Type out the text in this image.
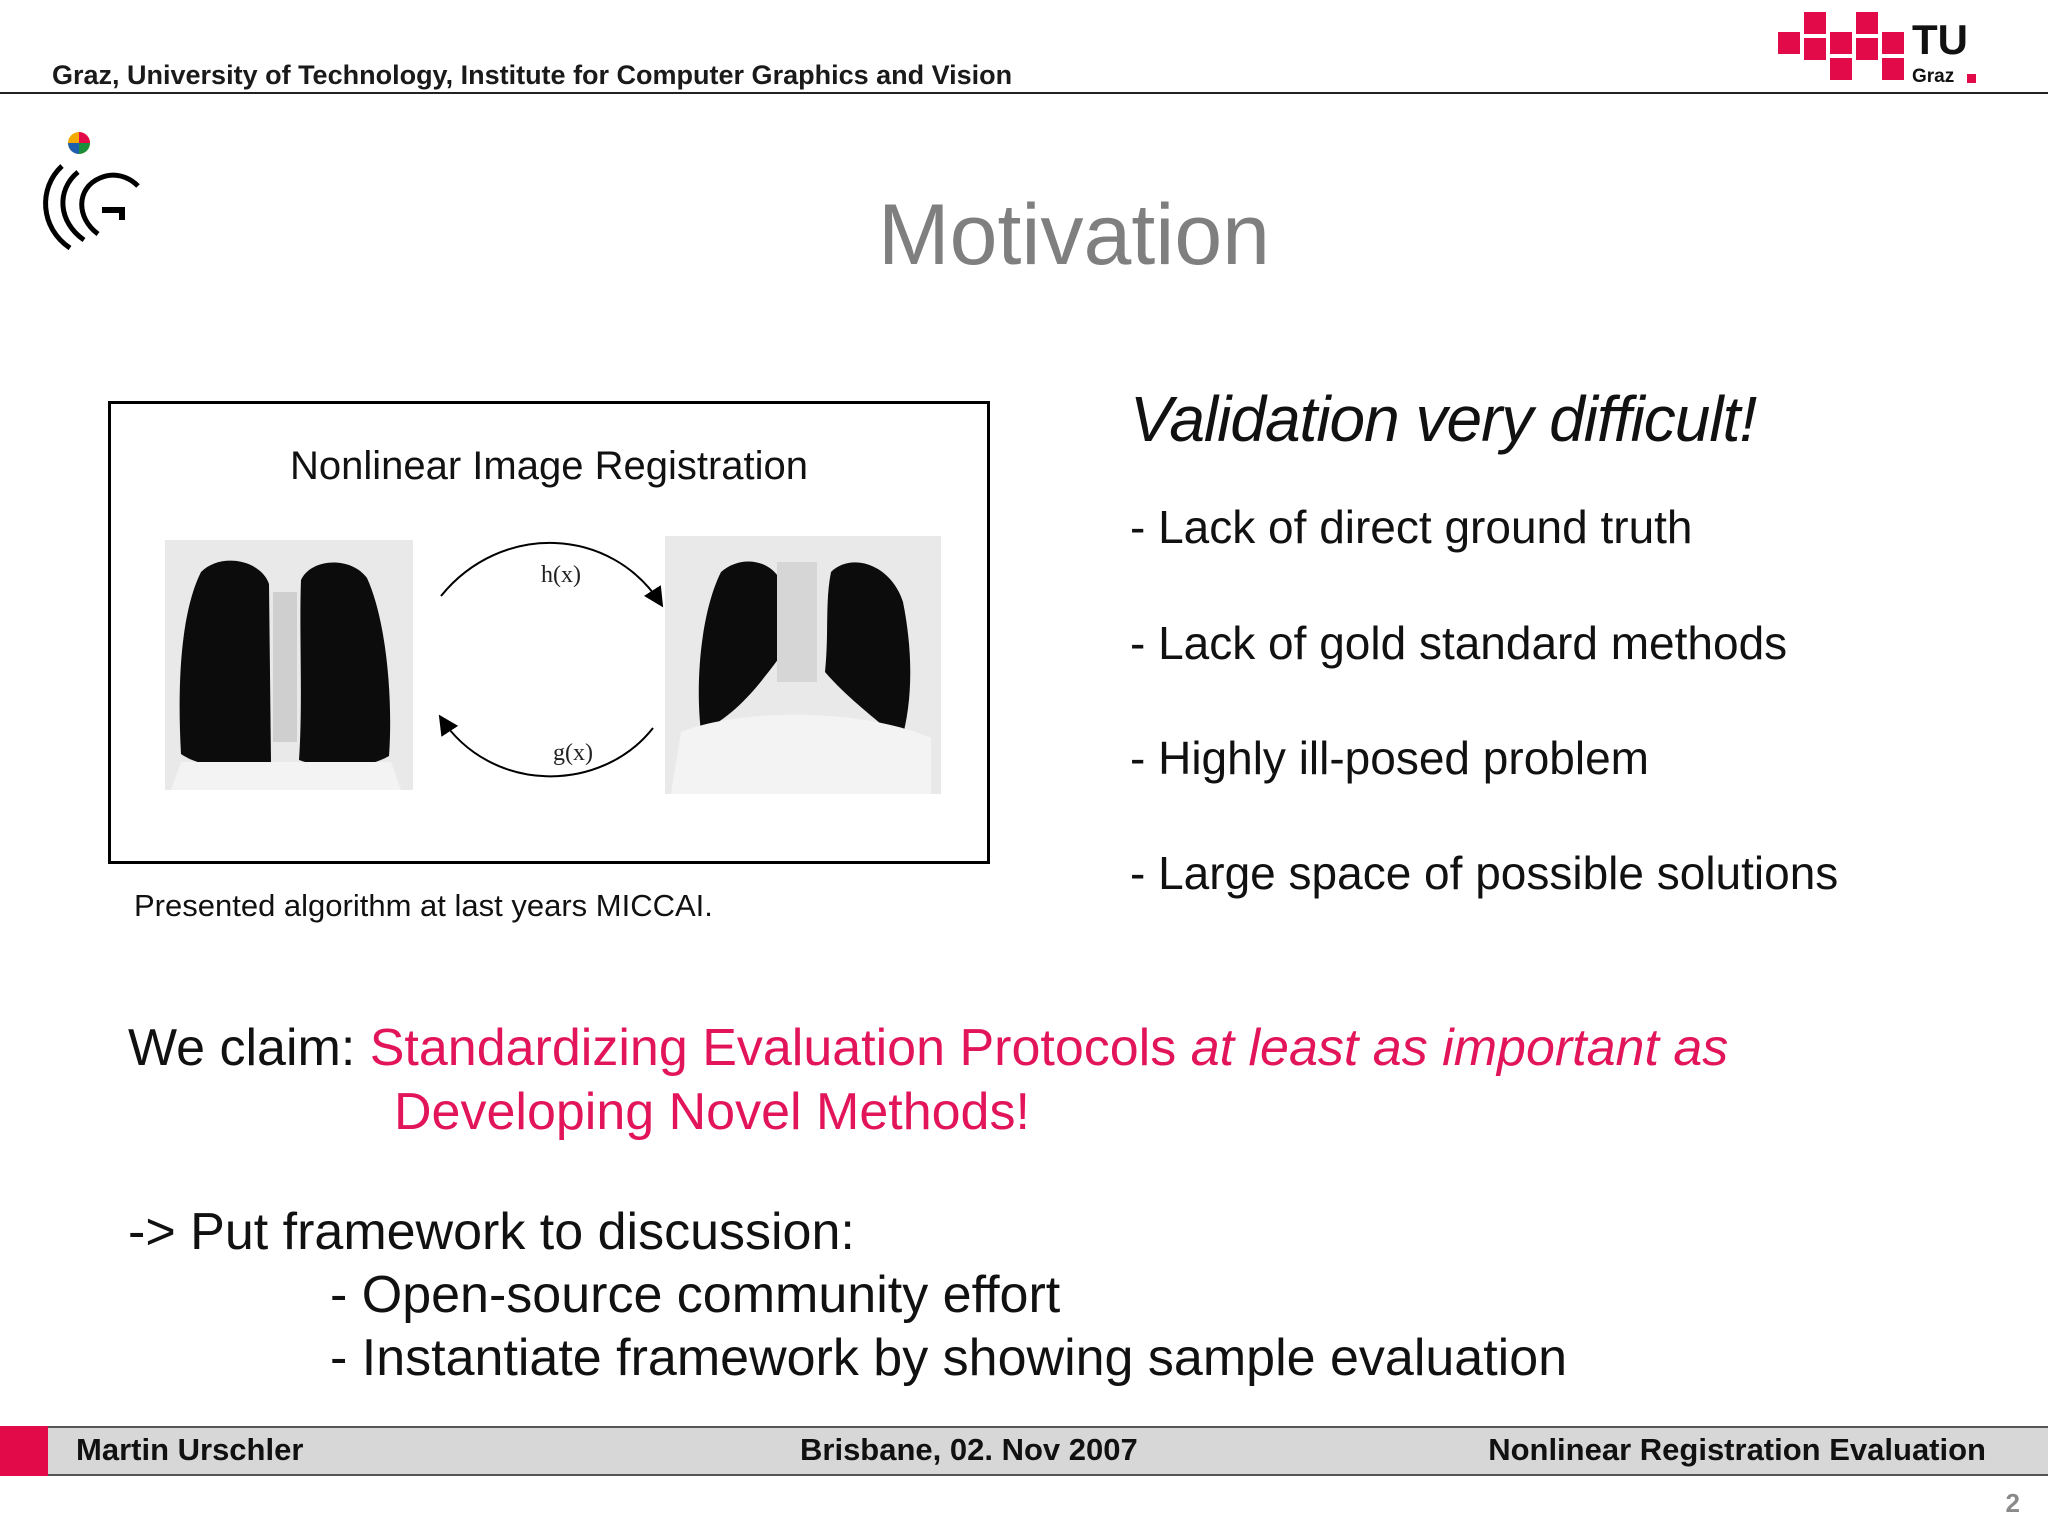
Graz, University of Technology, Institute for Computer Graphics and Vision
TU
Graz
Motivation
Nonlinear Image Registration
h(x)
g(x)
Presented algorithm at last years MICCAI.
Validation very difficult!
- Lack of direct ground truth
- Lack of gold standard methods
- Highly ill-posed problem
- Large space of possible solutions
We claim: Standardizing Evaluation Protocols at least as important as
Developing Novel Methods!
-> Put framework to discussion:
- Open-source community effort
- Instantiate framework by showing sample evaluation
Martin Urschler	Brisbane, 02. Nov 2007	Nonlinear Registration Evaluation
2
